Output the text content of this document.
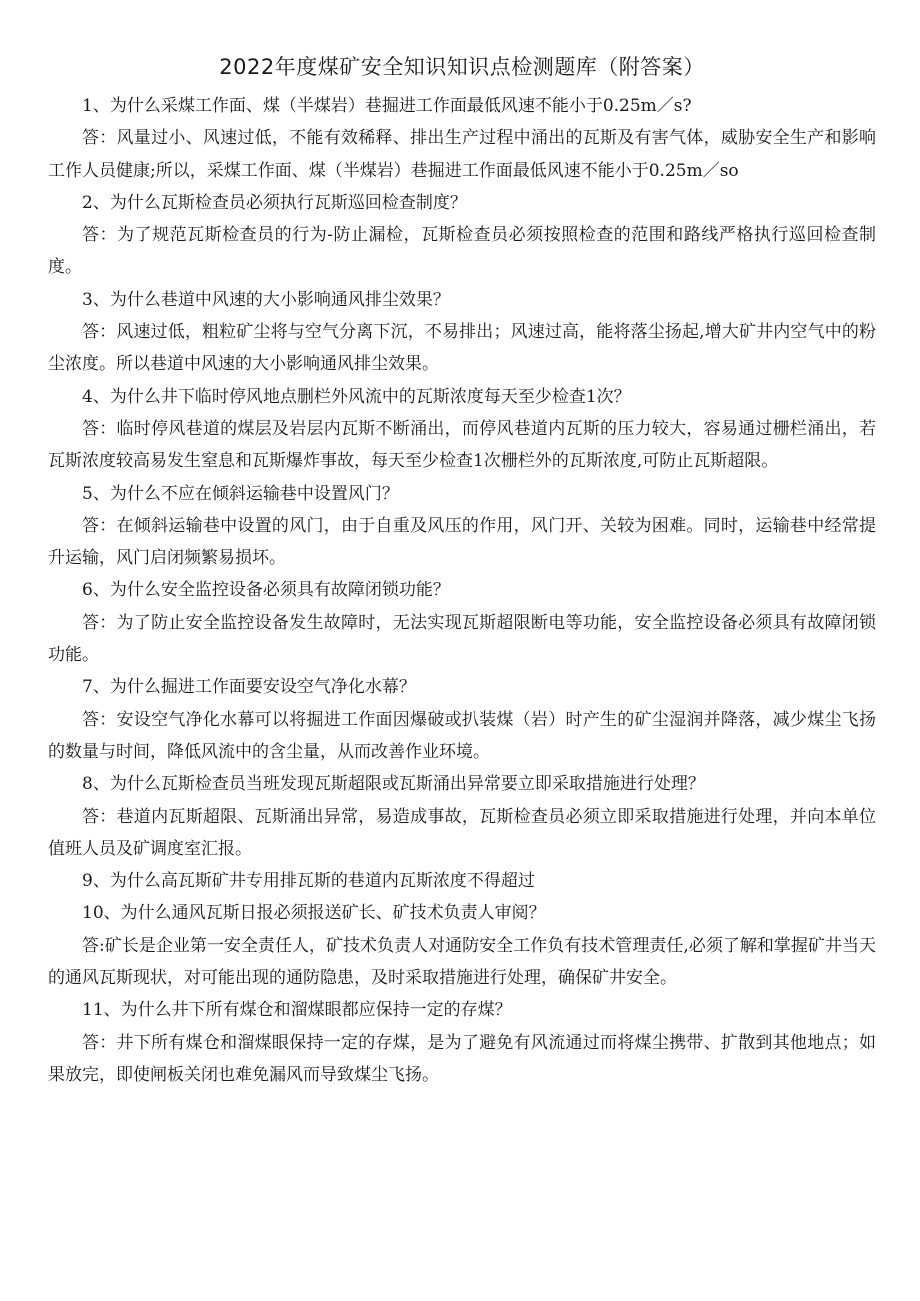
2022年度煤矿安全知识知识点检测题库（附答案）

1、为什么采煤工作面、煤（半煤岩）巷掘进工作面最低风速不能小于0.25m／s?

答：风量过小、风速过低，不能有效稀释、排出生产过程中涌出的瓦斯及有害气体，威胁安全生产和影响工作人员健康;所以，采煤工作面、煤（半煤岩）巷掘进工作面最低风速不能小于0.25m／so

2、为什么瓦斯检查员必须执行瓦斯巡回检查制度？

答：为了规范瓦斯检查员的行为-防止漏检，瓦斯检查员必须按照检查的范围和路线严格执行巡回检查制度。

3、为什么巷道中风速的大小影响通风排尘效果？

答：风速过低，粗粒矿尘将与空气分离下沉，不易排出；风速过高，能将落尘扬起,增大矿井内空气中的粉尘浓度。所以巷道中风速的大小影响通风排尘效果。

4、为什么井下临时停风地点删栏外风流中的瓦斯浓度每天至少检查1次？

答：临时停风巷道的煤层及岩层内瓦斯不断涌出，而停风巷道内瓦斯的压力较大，容易通过栅栏涌出，若瓦斯浓度较高易发生窒息和瓦斯爆炸事故，每天至少检查1次栅栏外的瓦斯浓度,可防止瓦斯超限。

5、为什么不应在倾斜运输巷中设置风门？

答：在倾斜运输巷中设置的风门，由于自重及风压的作用，风门开、关较为困难。同时，运输巷中经常提升运输，风门启闭频繁易损坏。

6、为什么安全监控设备必须具有故障闭锁功能？

答：为了防止安全监控设备发生故障时，无法实现瓦斯超限断电等功能，安全监控设备必须具有故障闭锁功能。

7、为什么掘进工作面要安设空气净化水幕？

答：安设空气净化水幕可以将掘进工作面因爆破或扒装煤（岩）时产生的矿尘湿润并降落，减少煤尘飞扬的数量与时间，降低风流中的含尘量，从而改善作业环境。

8、为什么瓦斯检查员当班发现瓦斯超限或瓦斯涌出异常要立即采取措施进行处理？

答：巷道内瓦斯超限、瓦斯涌出异常，易造成事故，瓦斯检查员必须立即采取措施进行处理，并向本单位值班人员及矿调度室汇报。

9、为什么高瓦斯矿井专用排瓦斯的巷道内瓦斯浓度不得超过

10、为什么通风瓦斯日报必须报送矿长、矿技术负责人审阅？

答:矿长是企业第一安全责任人，矿技术负责人对通防安全工作负有技术管理责任,必须了解和掌握矿井当天的通风瓦斯现状，对可能出现的通防隐患，及时采取措施进行处理，确保矿井安全。

11、为什么井下所有煤仓和溜煤眼都应保持一定的存煤？

答：井下所有煤仓和溜煤眼保持一定的存煤，是为了避免有风流通过而将煤尘携带、扩散到其他地点；如果放完，即使闸板关闭也难免漏风而导致煤尘飞扬。
